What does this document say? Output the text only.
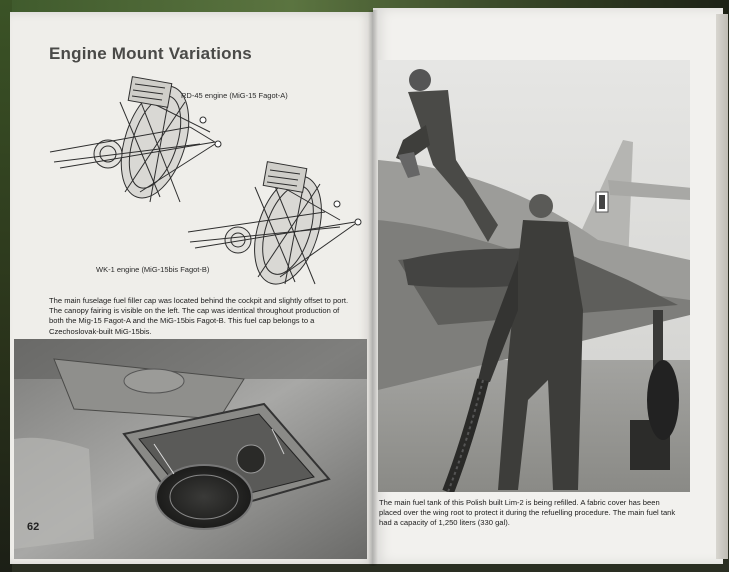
Engine Mount Variations
RD-45 engine (MiG-15 Fagot-A)
WK-1 engine (MiG-15bis Fagot-B)
The main fuselage fuel filler cap was located behind the cockpit and slightly offset to port.
The canopy fairing is visible on the left. The cap was identical throughout production of
both the Mig-15 Fagot-A and the MiG-15bis Fagot-B. This fuel cap belongs to a
Czechoslovak-built MiG-15bis.
62
The main fuel tank of this Polish built Lim-2 is being refilled. A fabric cover has been
placed over the wing root to protect it during the refuelling procedure. The main fuel tank
had a capacity of 1,250 liters (330 gal).
